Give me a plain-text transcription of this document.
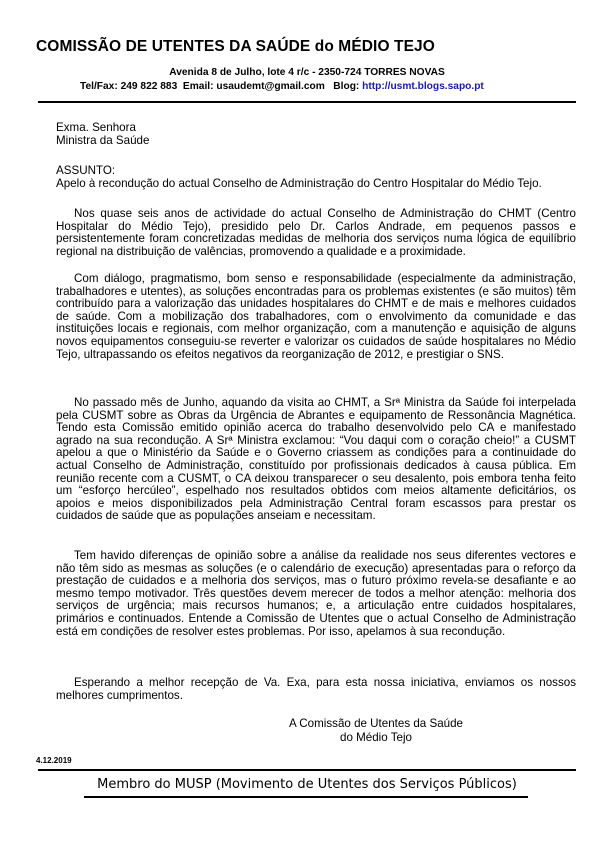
COMISSÃO DE UTENTES DA SAÚDE do MÉDIO TEJO
Avenida 8 de Julho, lote 4 r/c - 2350-724 TORRES NOVAS
Tel/Fax: 249 822 883 Email: usaudemt@gmail.com Blog: http://usmt.blogs.sapo.pt
Exma. Senhora
Ministra da Saúde
ASSUNTO:
Apelo à recondução do actual Conselho de Administração do Centro Hospitalar do Médio Tejo.
Nos quase seis anos de actividade do actual Conselho de Administração do CHMT (Centro Hospitalar do Médio Tejo), presidido pelo Dr. Carlos Andrade, em pequenos passos e persistentemente foram concretizadas medidas de melhoria dos serviços numa lógica de equilíbrio regional na distribuição de valências, promovendo a qualidade e a proximidade.
Com diálogo, pragmatismo, bom senso e responsabilidade (especialmente da administração, trabalhadores e utentes), as soluções encontradas para os problemas existentes (e são muitos) têm contribuído para a valorização das unidades hospitalares do CHMT e de mais e melhores cuidados de saúde. Com a mobilização dos trabalhadores, com o envolvimento da comunidade e das instituições locais e regionais, com melhor organização, com a manutenção e aquisição de alguns novos equipamentos conseguiu-se reverter e valorizar os cuidados de saúde hospitalares no Médio Tejo, ultrapassando os efeitos negativos da reorganização de 2012, e prestigiar o SNS.
No passado mês de Junho, aquando da visita ao CHMT, a Srª Ministra da Saúde foi interpelada pela CUSMT sobre as Obras da Urgência de Abrantes e equipamento de Ressonância Magnética. Tendo esta Comissão emitido opinião acerca do trabalho desenvolvido pelo CA e manifestado agrado na sua recondução. A Srª Ministra exclamou: “Vou daqui com o coração cheio!” a CUSMT apelou a que o Ministério da Saúde e o Governo criassem as condições para a continuidade do actual Conselho de Administração, constituído por profissionais dedicados à causa pública. Em reunião recente com a CUSMT, o CA deixou transparecer o seu desalento, pois embora tenha feito um “esforço hercúleo”, espelhado nos resultados obtidos com meios altamente deficitários, os apoios e meios disponibilizados pela Administração Central foram escassos para prestar os cuidados de saúde que as populações anseiam e necessitam.
Tem havido diferenças de opinião sobre a análise da realidade nos seus diferentes vectores e não têm sido as mesmas as soluções (e o calendário de execução) apresentadas para o reforço da prestação de cuidados e a melhoria dos serviços, mas o futuro próximo revela-se desafiante e ao mesmo tempo motivador. Três questões devem merecer de todos a melhor atenção: melhoria dos serviços de urgência; mais recursos humanos; e, a articulação entre cuidados hospitalares, primários e continuados. Entende a Comissão de Utentes que o actual Conselho de Administração está em condições de resolver estes problemas. Por isso, apelamos à sua recondução.
Esperando a melhor recepção de Va. Exa, para esta nossa iniciativa, enviamos os nossos melhores cumprimentos.
A Comissão de Utentes da Saúde
do Médio Tejo
4.12.2019
Membro do MUSP (Movimento de Utentes dos Serviços Públicos)
